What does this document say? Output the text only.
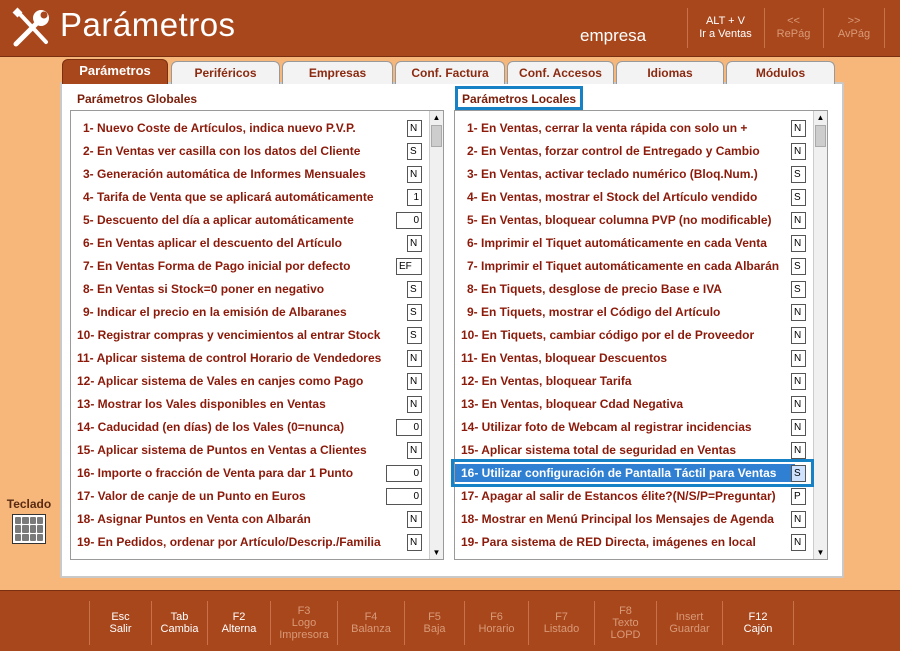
Parámetros	empresa
ALT + V
Ir a Ventas
<<
RePág
>>
AvPág
Parámetros	Periféricos	Empresas	Conf. Factura	Conf. Accesos	Idiomas	Módulos
Parámetros Globales	Parámetros Locales
1- Nuevo Coste de Artículos, indica nuevo P.V.P.	N
2- En Ventas ver casilla con los datos del Cliente	S
3- Generación automática de Informes Mensuales	N
4- Tarifa de Venta que se aplicará automáticamente	1
5- Descuento del día a aplicar automáticamente	0
6- En Ventas aplicar el descuento del Artículo	N
7- En Ventas Forma de Pago inicial por defecto	EF
8- En Ventas si Stock=0 poner en negativo	S
9- Indicar el precio en la emisión de Albaranes	S
10- Registrar compras y vencimientos al entrar Stock	S
11- Aplicar sistema de control Horario de Vendedores	N
12- Aplicar sistema de Vales en canjes como Pago	N
13- Mostrar los Vales disponibles en Ventas	N
14- Caducidad (en días) de los Vales (0=nunca)	0
15- Aplicar sistema de Puntos en Ventas a Clientes	N
16- Importe o fracción de Venta para dar 1 Punto	0
17- Valor de canje de un Punto en Euros	0
18- Asignar Puntos en Venta con Albarán	N
19- En Pedidos, ordenar por Artículo/Descrip./Familia	N
▲
▼
1- En Ventas, cerrar la venta rápida con solo un +	N
2- En Ventas, forzar control de Entregado y Cambio	N
3- En Ventas, activar teclado numérico (Bloq.Num.)	S
4- En Ventas, mostrar el Stock del Artículo vendido	S
5- En Ventas, bloquear columna PVP (no modificable)	N
6- Imprimir el Tiquet automáticamente en cada Venta	N
7- Imprimir el Tiquet automáticamente en cada Albarán	S
8- En Tiquets, desglose de precio Base e IVA	S
9- En Tiquets, mostrar el Código del Artículo	N
10- En Tiquets, cambiar código por el de Proveedor	N
11- En Ventas, bloquear Descuentos	N
12- En Ventas, bloquear Tarifa	N
13- En Ventas, bloquear Cdad Negativa	N
14- Utilizar foto de Webcam al registrar incidencias	N
15- Aplicar sistema total de seguridad en Ventas	N
16- Utilizar configuración de Pantalla Táctil para Ventas	S
17- Apagar al salir de Estancos élite?(N/S/P=Preguntar)	P
18- Mostrar en Menú Principal los Mensajes de Agenda	N
19- Para sistema de RED Directa, imágenes en local	N
▲
▼
Teclado
Esc
Salir
Tab
Cambia
F2
Alterna
F3
Logo
Impresora
F4
Balanza
F5
Baja
F6
Horario
F7
Listado
F8
Texto
LOPD
Insert
Guardar
F12
Cajón
